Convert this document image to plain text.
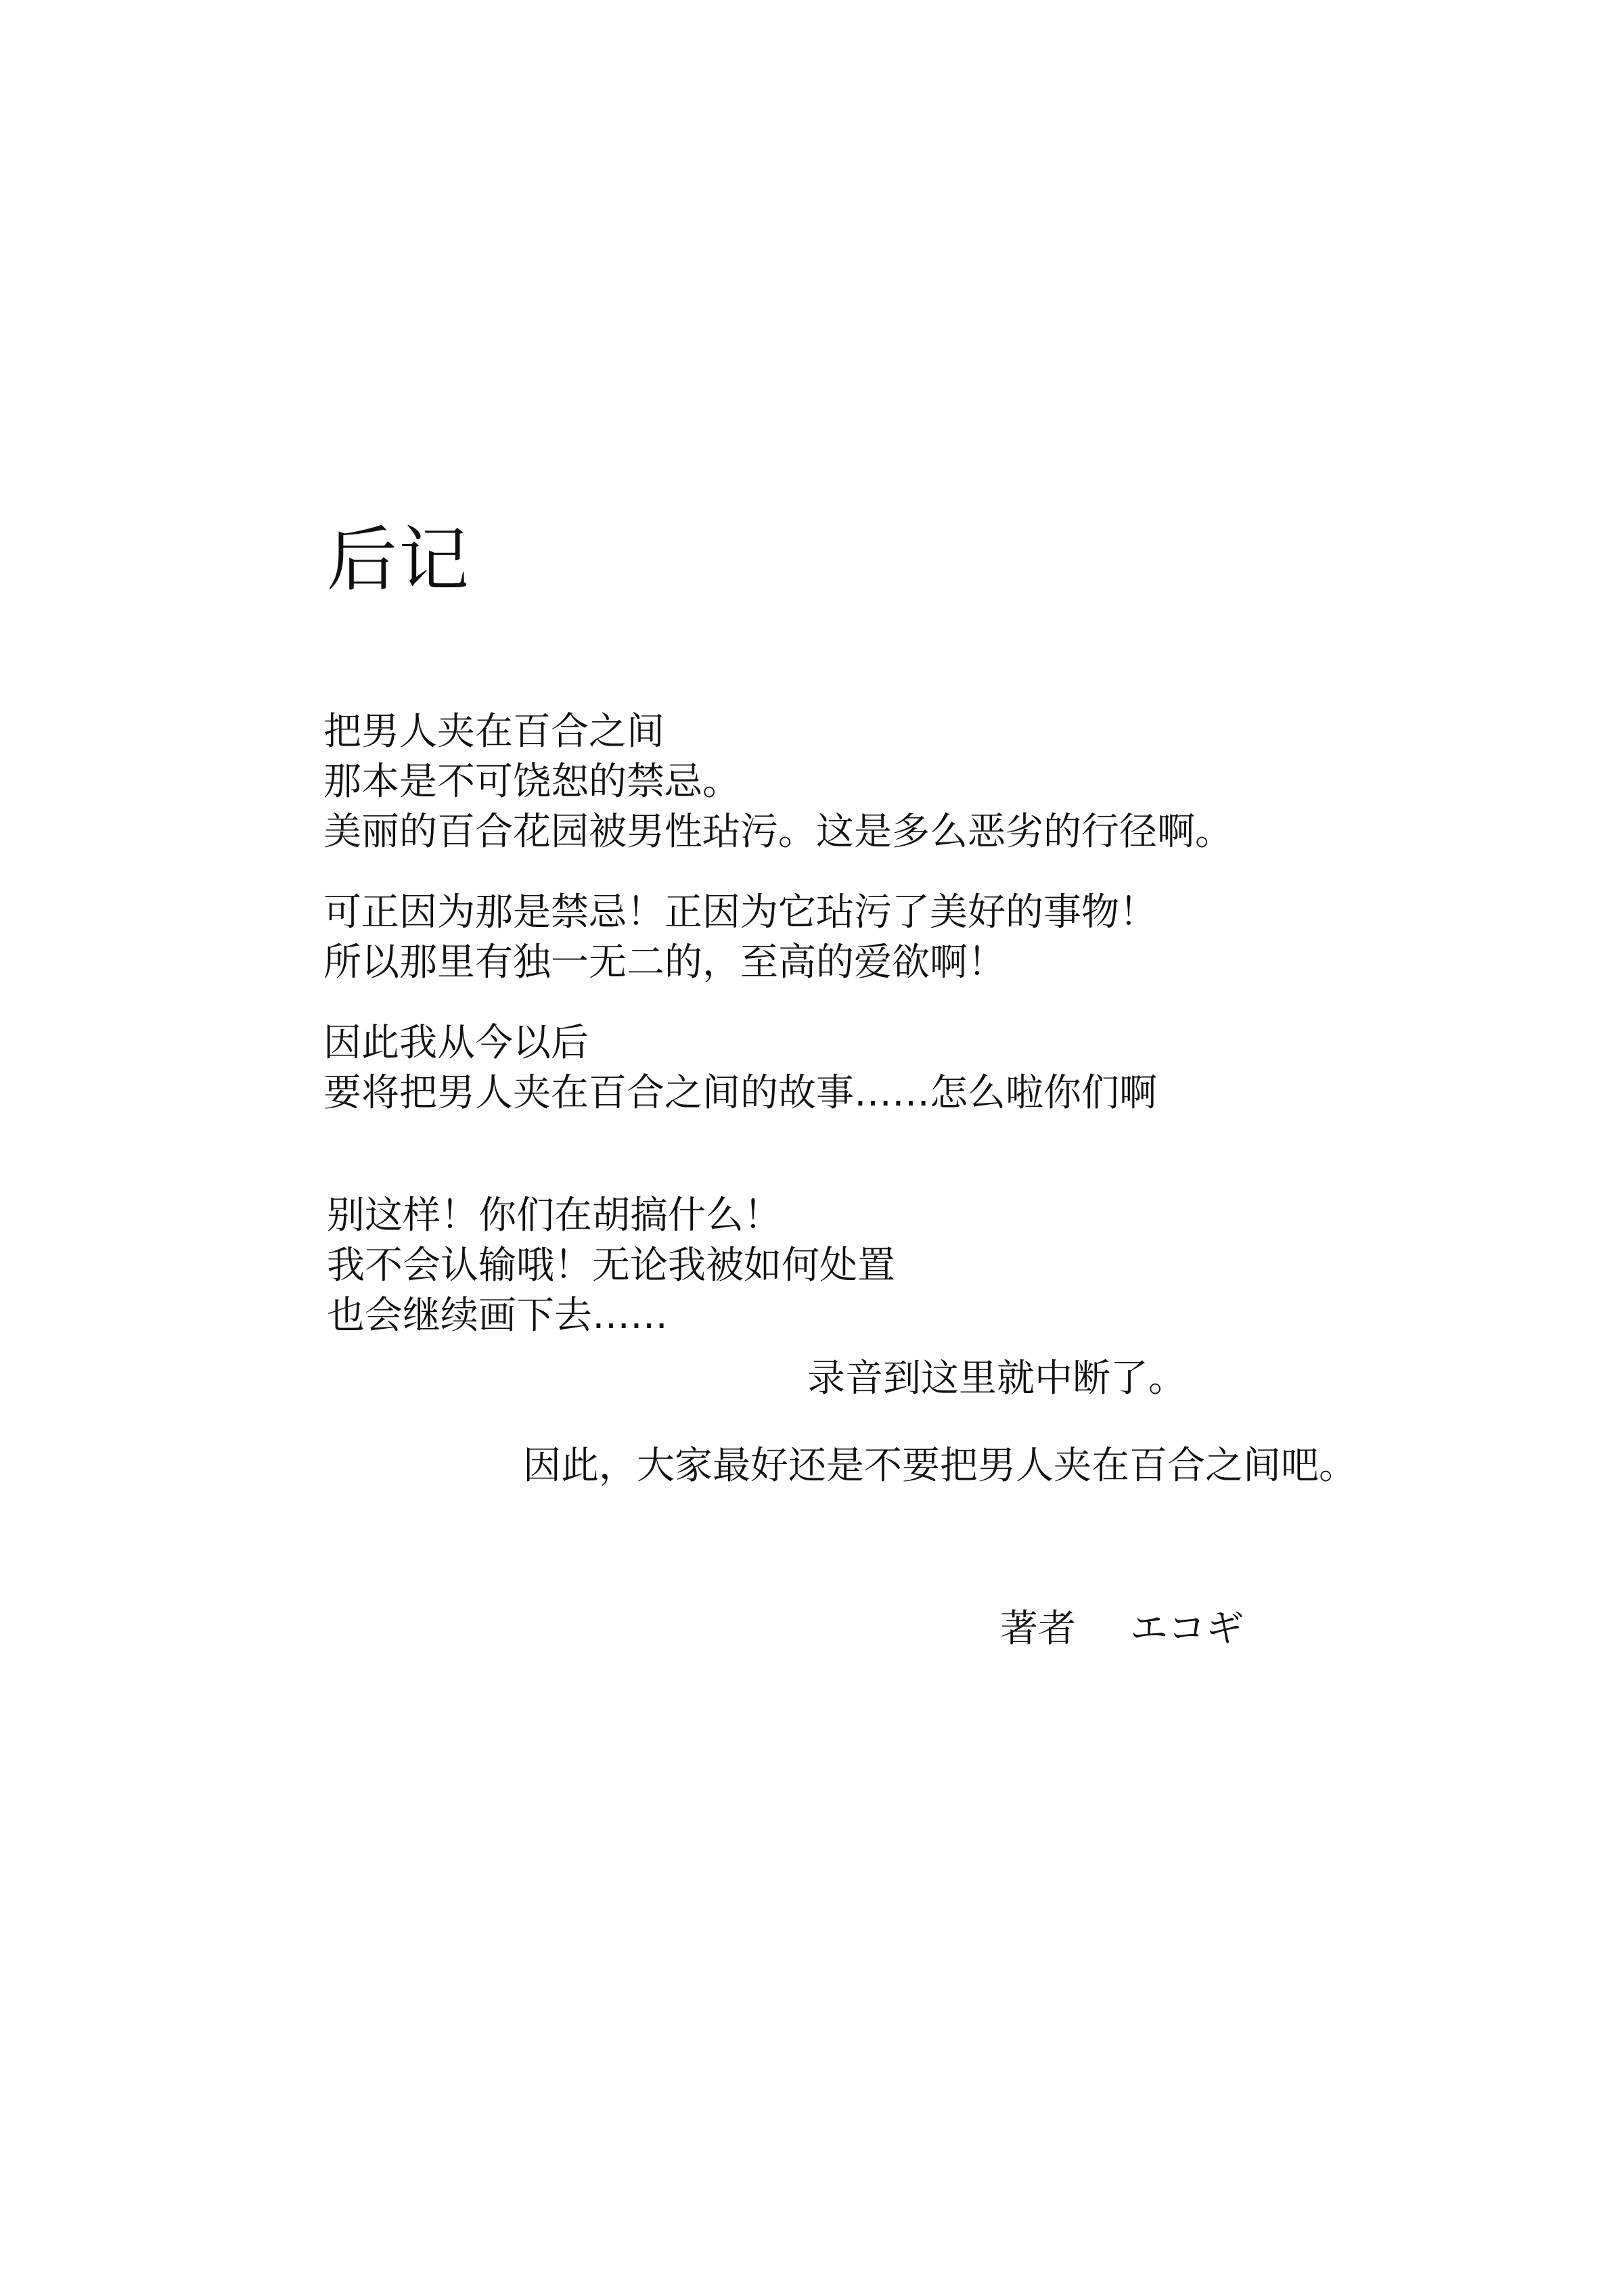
后记

把男人夹在百合之间
那本是不可饶恕的禁忌。
美丽的百合花园被男性玷污。这是多么恶劣的行径啊。

可正因为那是禁忌！正因为它玷污了美好的事物！
所以那里有独一无二的，至高的爱欲啊！

因此我从今以后
要将把男人夹在百合之间的故事……怎么啦你们啊

别这样！你们在胡搞什么！
我不会认输哦！无论我被如何处置
也会继续画下去……

录音到这里就中断了。

因此，大家最好还是不要把男人夹在百合之间吧。

著者 エコギ
